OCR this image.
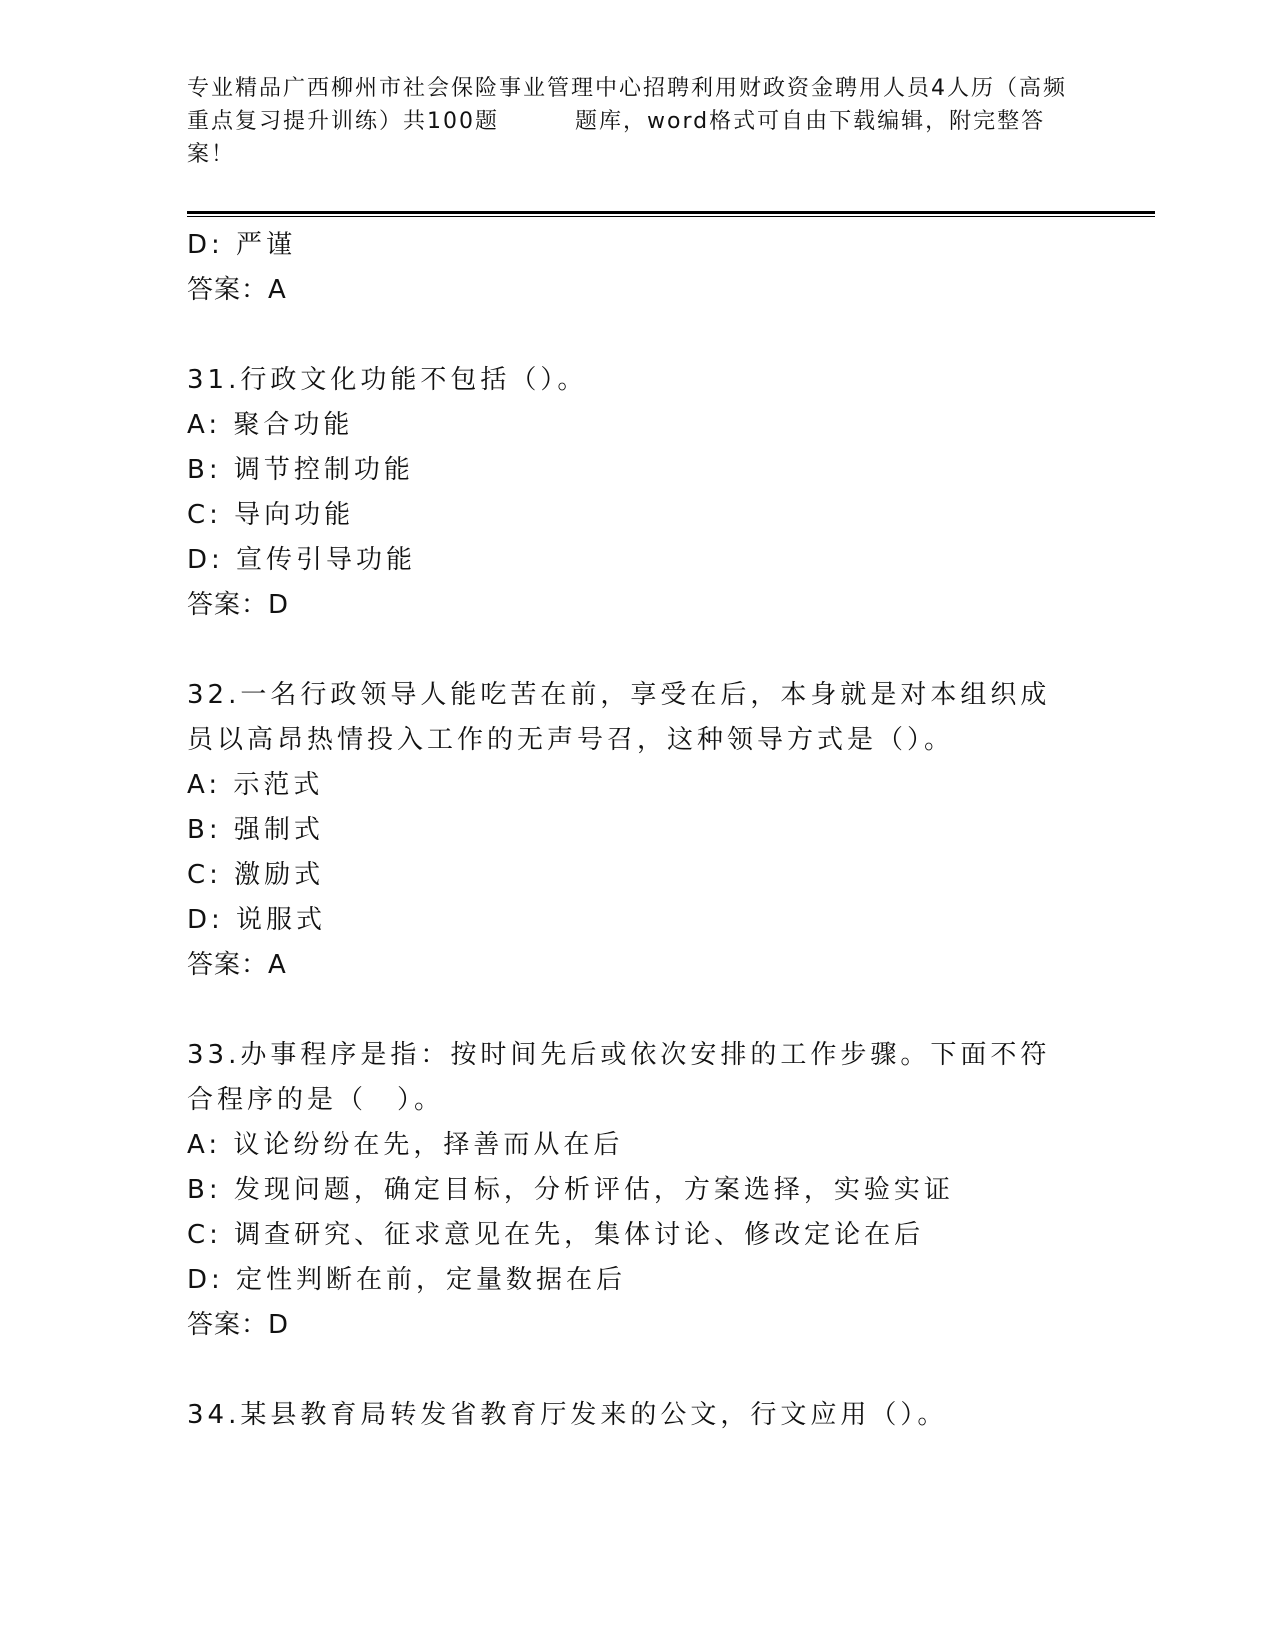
专业精品广西柳州市社会保险事业管理中心招聘利用财政资金聘用人员4人历（高频重点复习提升训练）共100题	题库，word格式可自由下载编辑，附完整答案！

D: 严谨

答案：A

31.行政文化功能不包括（）。

A: 聚合功能

B: 调节控制功能

C: 导向功能

D: 宣传引导功能

答案：D

32.一名行政领导人能吃苦在前，享受在后，本身就是对本组织成员以高昂热情投入工作的无声号召，这种领导方式是（）。

A: 示范式

B: 强制式

C: 激励式

D: 说服式

答案：A

33.办事程序是指：按时间先后或依次安排的工作步骤。下面不符合程序的是（　）。

A: 议论纷纷在先，择善而从在后

B: 发现问题，确定目标，分析评估，方案选择，实验实证

C: 调查研究、征求意见在先，集体讨论、修改定论在后

D: 定性判断在前，定量数据在后

答案：D

34.某县教育局转发省教育厅发来的公文，行文应用（）。
